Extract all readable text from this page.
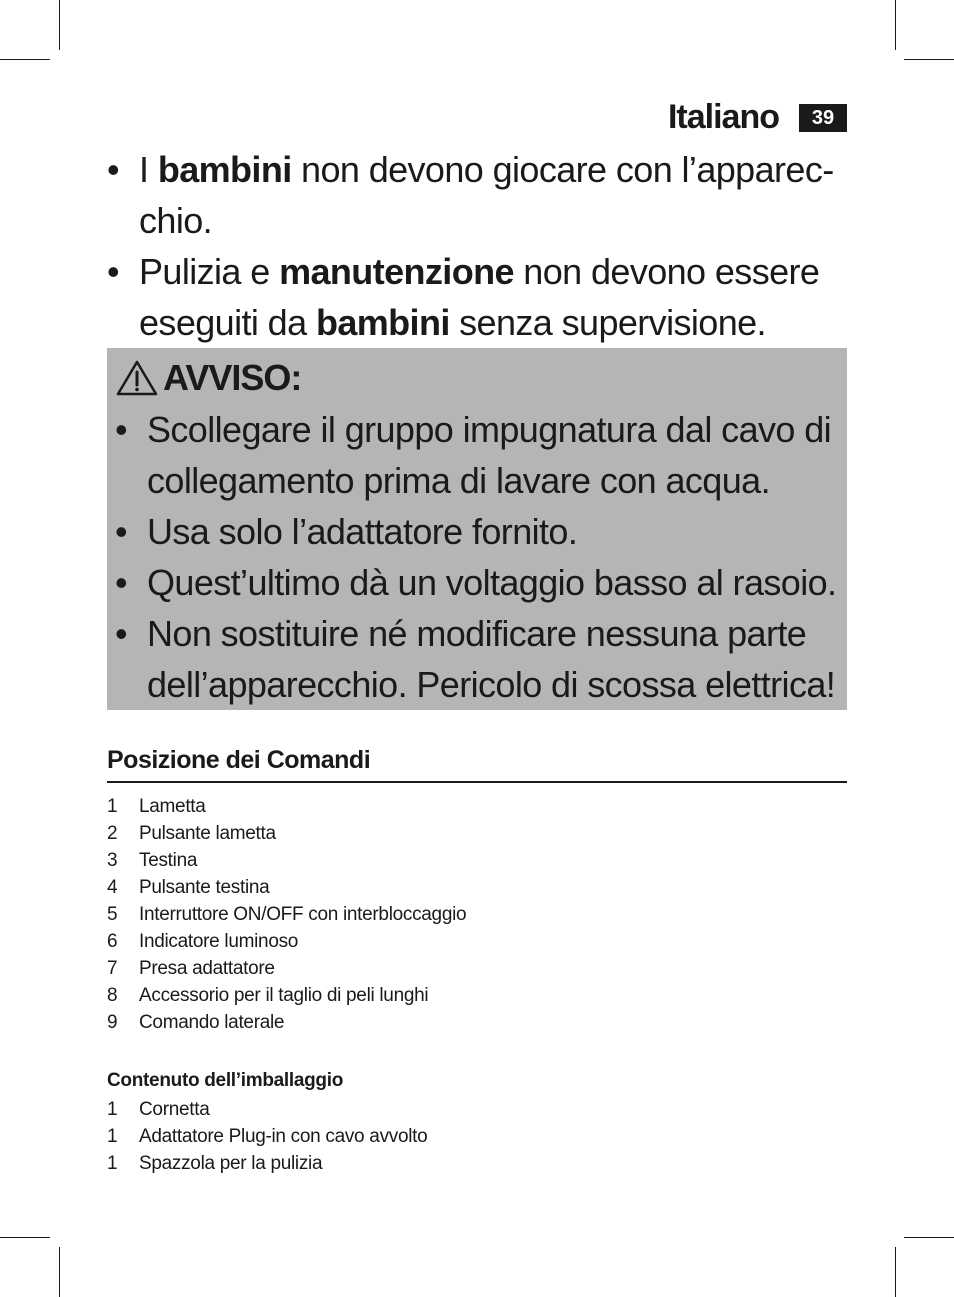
Italiano	39
• I bambini non devono giocare con l’apparec-chio.
• Pulizia e manutenzione non devono essere eseguiti da bambini senza supervisione.
AVVISO:
• Scollegare il gruppo impugnatura dal cavo di collegamento prima di lavare con acqua.
• Usa solo l’adattatore fornito.
• Quest’ultimo dà un voltaggio basso al rasoio.
• Non sostituire né modificare nessuna parte dell’apparecchio. Pericolo di scossa elettrica!
Posizione dei Comandi
1	Lametta
2	Pulsante lametta
3	Testina
4	Pulsante testina
5	Interruttore ON/OFF con interbloccaggio
6	Indicatore luminoso
7	Presa adattatore
8	Accessorio per il taglio di peli lunghi
9	Comando laterale
Contenuto dell’imballaggio
1	Cornetta
1	Adattatore Plug-in con cavo avvolto
1	Spazzola per la pulizia
